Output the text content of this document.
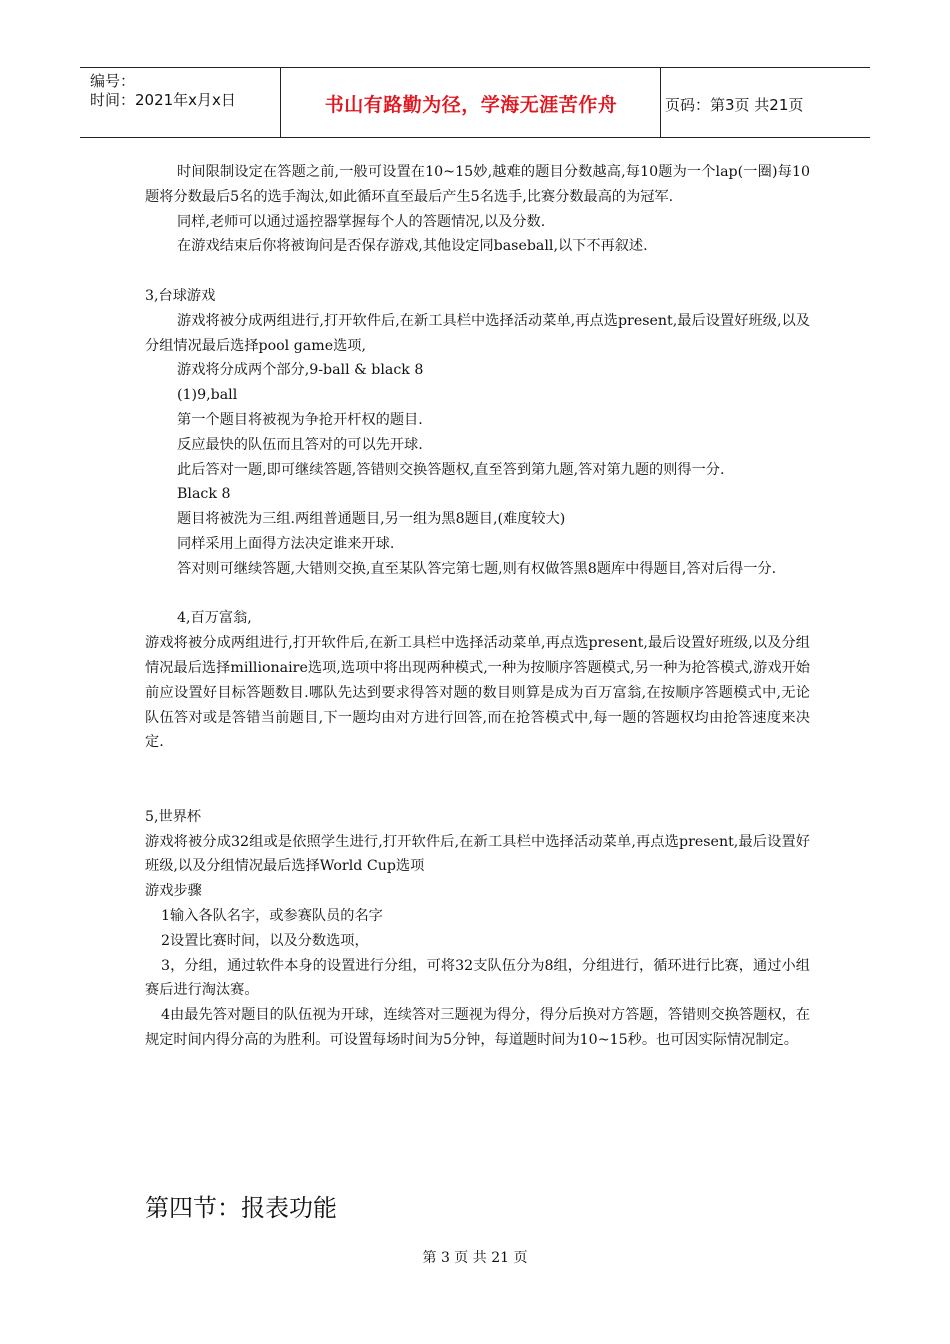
编号：
时间：2021年x月x日	书山有路勤为径，学海无涯苦作舟	页码：第3页 共21页

时间限制设定在答题之前,一般可设置在10~15妙,越难的题目分数越高,每10题为一个lap(一圈)每10题将分数最后5名的选手淘汰,如此循环直至最后产生5名选手,比赛分数最高的为冠军.

同样,老师可以通过遥控器掌握每个人的答题情况,以及分数.

在游戏结束后你将被询问是否保存游戏,其他设定同baseball,以下不再叙述.

3,台球游戏

游戏将被分成两组进行,打开软件后,在新工具栏中选择活动菜单,再点选present,最后设置好班级,以及分组情况最后选择pool game选项,

游戏将分成两个部分,9-ball & black 8

(1)9,ball

第一个题目将被视为争抢开杆权的题目.

反应最快的队伍而且答对的可以先开球.

此后答对一题,即可继续答题,答错则交换答题权,直至答到第九题,答对第九题的则得一分.

Black 8

题目将被洗为三组.两组普通题目,另一组为黑8题目,(难度较大)

同样采用上面得方法决定谁来开球.

答对则可继续答题,大错则交换,直至某队答完第七题,则有权做答黑8题库中得题目,答对后得一分.

4,百万富翁,

游戏将被分成两组进行,打开软件后,在新工具栏中选择活动菜单,再点选present,最后设置好班级,以及分组情况最后选择millionaire选项,选项中将出现两种模式,一种为按顺序答题模式,另一种为抢答模式,游戏开始前应设置好目标答题数目.哪队先达到要求得答对题的数目则算是成为百万富翁,在按顺序答题模式中,无论队伍答对或是答错当前题目,下一题均由对方进行回答,而在抢答模式中,每一题的答题权均由抢答速度来决定.

5,世界杯

游戏将被分成32组或是依照学生进行,打开软件后,在新工具栏中选择活动菜单,再点选present,最后设置好班级,以及分组情况最后选择World Cup选项

游戏步骤

1输入各队名字，或参赛队员的名字

2设置比赛时间，以及分数选项，

3，分组，通过软件本身的设置进行分组，可将32支队伍分为8组，分组进行，循环进行比赛，通过小组赛后进行淘汰赛。

4由最先答对题目的队伍视为开球，连续答对三题视为得分，得分后换对方答题，答错则交换答题权，在规定时间内得分高的为胜利。可设置每场时间为5分钟，每道题时间为10~15秒。也可因实际情况制定。

第四节：报表功能
第 3 页 共 21 页
